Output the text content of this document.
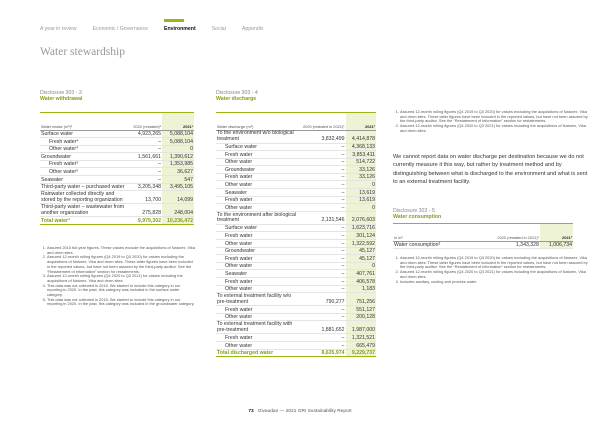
A year in review	Economic / Governance	Environment	Social	Appendix
Water stewardship
Disclosure 303 - 3
Water withdrawal
Water intake (m³)¹	2020 (restated)²	2021³
Surface water	4,923,265	5,088,104
Fresh water⁴	–	5,088,104
Other water⁴	–	0
Groundwater	1,561,661	1,390,612
Fresh water⁵	–	1,353,985
Other water⁵	–	36,627
Seawater	–	547
Third-party water – purchased water	3,205,348	3,495,105
Rainwater collected directly and stored by the reporting organization	13,700	14,099
Third-party water – wastewater from another organization	275,828	248,004
Total water³	9,979,302	10,236,472
1. Assured 2015 full-year figures. These values exclude the acquisitions of Naturex, Vika and drom sites.
2. Assured 12-month rolling figures (Q4 2019 to Q3 2020) for values excluding the acquisitions of Naturex, Vika and drom sites. These latter figures have been included in the reported values, but have not been assured by the third-party auditor. See the “Restatement of information” section for restatements.
3. Assured 12-month rolling figures (Q4 2020 to Q3 2021) for values including the acquisitions of Naturex, Vika and drom sites.
4. This data was not collected in 2015. We started to include this category in our reporting in 2020. In the past, this category was included in the surface water category.
5. This data was not collected in 2015. We started to include this category in our reporting in 2020. In the past, this category was included in the groundwater category.
Disclosure 303 - 4
Water discharge
Water discharge (m³)	2020 (restated in 2021)¹	2021²
To the environment w/o biological treatment	3,832,499	4,414,878
Surface water	–	4,368,133
Fresh water	–	3,853,411
Other water	–	514,722
Groundwater	–	33,126
Fresh water	–	33,126
Other water	–	0
Seawater	–	13,619
Fresh water	–	13,619
Other water	–	0
To the environment after biological treatment	2,131,546	2,076,603
Surface water	–	1,623,716
Fresh water	–	301,124
Other water	–	1,322,592
Groundwater	–	45,127
Fresh water	–	45,127
Other water	–	0
Seawater	–	407,761
Fresh water	–	406,578
Other water	–	1,183
To external treatment facility w/o pre-treatment	790,277	751,256
Fresh water	–	551,127
Other water	–	200,128
To external treatment facility with pre-treatment	1,881,652	1,987,000
Fresh water	–	1,321,521
Other water	–	665,479
Total discharged water	8,635,974	9,229,737
1. Assured 12-month rolling figures (Q4 2019 to Q3 2020) for values excluding the acquisitions of Naturex, Vika and drom sites. These latter figures have been included in the reported values, but have not been assured by the third-party auditor. See the “Restatement of information” section for restatements.
2. Assured 12-month rolling figures (Q4 2020 to Q3 2021) for values including the acquisitions of Naturex, Vika and drom sites.
We cannot report data on water discharge per destination because we do not currently measure it this way, but rather by treatment method and by distinguishing between what is discharged to the environment and what is sent to an external treatment facility.
Disclosure 303 - 5
Water consumption
in m³	2020 (restated in 2021)¹	2021²
Water consumption³	1,343,328	1,006,734
1. Assured 12-month rolling figures (Q4 2019 to Q3 2020) for values excluding the acquisitions of Naturex, Vika and drom sites. These latter figures have been included in the reported values, but have not been assured by the third-party auditor. See the “Restatement of information” section for restatements.
2. Assured 12-month rolling figures (Q4 2020 to Q3 2021) for values including the acquisitions of Naturex, Vika and drom sites.
3. Includes sanitary, cooling and process water.
73 Givaudan — 2021 GRI Sustainability Report
